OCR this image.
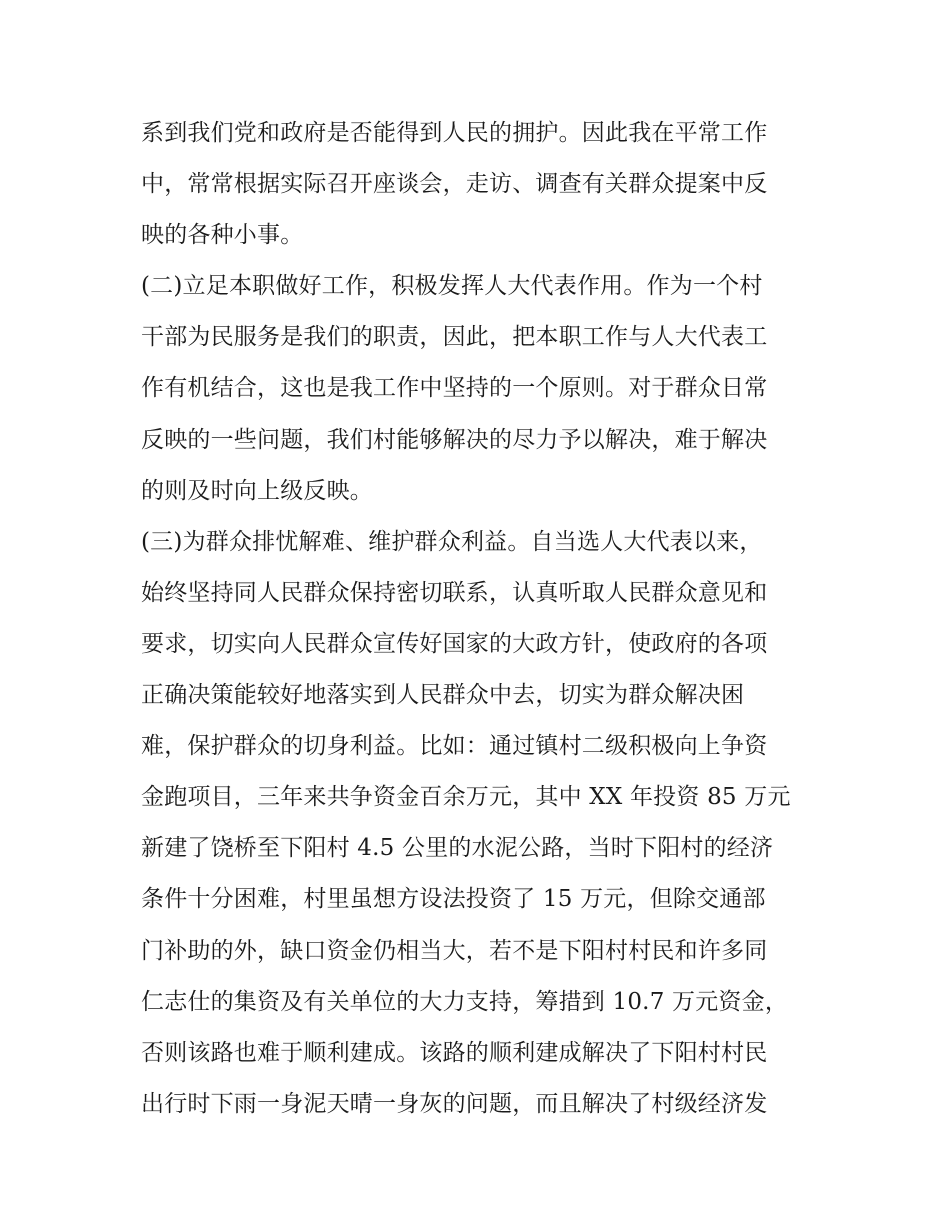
系到我们党和政府是否能得到人民的拥护。因此我在平常工作
中，常常根据实际召开座谈会，走访、调查有关群众提案中反
映的各种小事。
(二)立足本职做好工作，积极发挥人大代表作用。作为一个村
干部为民服务是我们的职责，因此，把本职工作与人大代表工
作有机结合，这也是我工作中坚持的一个原则。对于群众日常
反映的一些问题，我们村能够解决的尽力予以解决，难于解决
的则及时向上级反映。
(三)为群众排忧解难、维护群众利益。自当选人大代表以来，
始终坚持同人民群众保持密切联系，认真听取人民群众意见和
要求，切实向人民群众宣传好国家的大政方针，使政府的各项
正确决策能较好地落实到人民群众中去，切实为群众解决困
难，保护群众的切身利益。比如：通过镇村二级积极向上争资
金跑项目，三年来共争资金百余万元，其中 XX 年投资 85 万元
新建了饶桥至下阳村 4.5 公里的水泥公路，当时下阳村的经济
条件十分困难，村里虽想方设法投资了 15 万元，但除交通部
门补助的外，缺口资金仍相当大，若不是下阳村村民和许多同
仁志仕的集资及有关单位的大力支持，筹措到 10.7 万元资金，
否则该路也难于顺利建成。该路的顺利建成解决了下阳村村民
出行时下雨一身泥天晴一身灰的问题，而且解决了村级经济发
